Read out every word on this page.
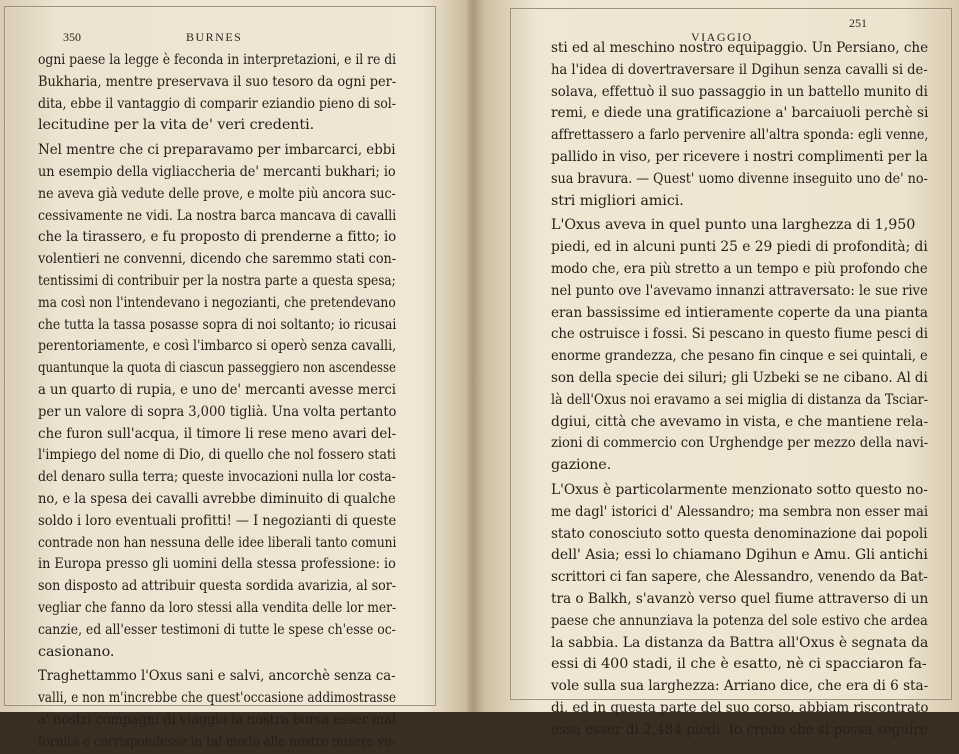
350	BURNES
ogni paese la legge è feconda in interpretazioni, e il re di
Bukharia, mentre preservava il suo tesoro da ogni per-
dita, ebbe il vantaggio di comparir eziandio pieno di sol-
lecitudine per la vita de' veri credenti.
Nel mentre che ci preparavamo per imbarcarci, ebbi
un esempio della vigliaccheria de' mercanti bukhari; io
ne aveva già vedute delle prove, e molte più ancora suc-
cessivamente ne vidi. La nostra barca mancava di cavalli
che la tirassero, e fu proposto di prenderne a fitto; io
volentieri ne convenni, dicendo che saremmo stati con-
tentissimi di contribuir per la nostra parte a questa spesa;
ma così non l'intendevano i negozianti, che pretendevano
che tutta la tassa posasse sopra di noi soltanto; io ricusai
perentoriamente, e così l'imbarco si operò senza cavalli,
quantunque la quota di ciascun passeggiero non ascendesse
a un quarto di rupia, e uno de' mercanti avesse merci
per un valore di sopra 3,000 tiglià. Una volta pertanto
che furon sull'acqua, il timore li rese meno avari del-
l'impiego del nome di Dio, di quello che nol fossero stati
del denaro sulla terra; queste invocazioni nulla lor costa-
no, e la spesa dei cavalli avrebbe diminuito di qualche
soldo i loro eventuali profitti! — I negozianti di queste
contrade non han nessuna delle idee liberali tanto comuni
in Europa presso gli uomini della stessa professione: io
son disposto ad attribuir questa sordida avarizia, al sor-
vegliar che fanno da loro stessi alla vendita delle lor mer-
canzie, ed all'esser testimoni di tutte le spese ch'esse oc-
casionano.
Traghettammo l'Oxus sani e salvi, ancorchè senza ca-
valli, e non m'increbbe che quest'occasione addimostrasse
a' nostri compagni di viaggio la nostra borsa esser mal
fornita e corrispondesse in tal modo alle nostre misere ve-
VIAGGIO
251
sti ed al meschino nostro equipaggio. Un Persiano, che
ha l'idea di dovertraversare il Dgihun senza cavalli si de-
solava, effettuò il suo passaggio in un battello munito di
remi, e diede una gratificazione a' barcaiuoli perchè si
affrettassero a farlo pervenire all'altra sponda: egli venne,
pallido in viso, per ricevere i nostri complimenti per la
sua bravura. — Quest' uomo divenne inseguito uno de' no-
stri migliori amici.
L'Oxus aveva in quel punto una larghezza di 1,950
piedi, ed in alcuni punti 25 e 29 piedi di profondità; di
modo che, era più stretto a un tempo e più profondo che
nel punto ove l'avevamo innanzi attraversato: le sue rive
eran bassissime ed intieramente coperte da una pianta
che ostruisce i fossi. Si pescano in questo fiume pesci di
enorme grandezza, che pesano fin cinque e sei quintali, e
son della specie dei siluri; gli Uzbeki se ne cibano. Al di
là dell'Oxus noi eravamo a sei miglia di distanza da Tsciar-
dgiui, città che avevamo in vista, e che mantiene rela-
zioni di commercio con Urghendge per mezzo della navi-
gazione.
L'Oxus è particolarmente menzionato sotto questo no-
me dagl' istorici d' Alessandro; ma sembra non esser mai
stato conosciuto sotto questa denominazione dai popoli
dell' Asia; essi lo chiamano Dgihun e Amu. Gli antichi
scrittori ci fan sapere, che Alessandro, venendo da Bat-
tra o Balkh, s'avanzò verso quel fiume attraverso di un
paese che annunziava la potenza del sole estivo che ardea
la sabbia. La distanza da Battra all'Oxus è segnata da
essi di 400 stadi, il che è esatto, nè ci spacciaron fa-
vole sulla sua larghezza: Arriano dice, che era di 6 sta-
di, ed in questa parte del suo corso. abbiam riscontrato
essa esser di 2,484 piedi. Io credo che si possa seguire
